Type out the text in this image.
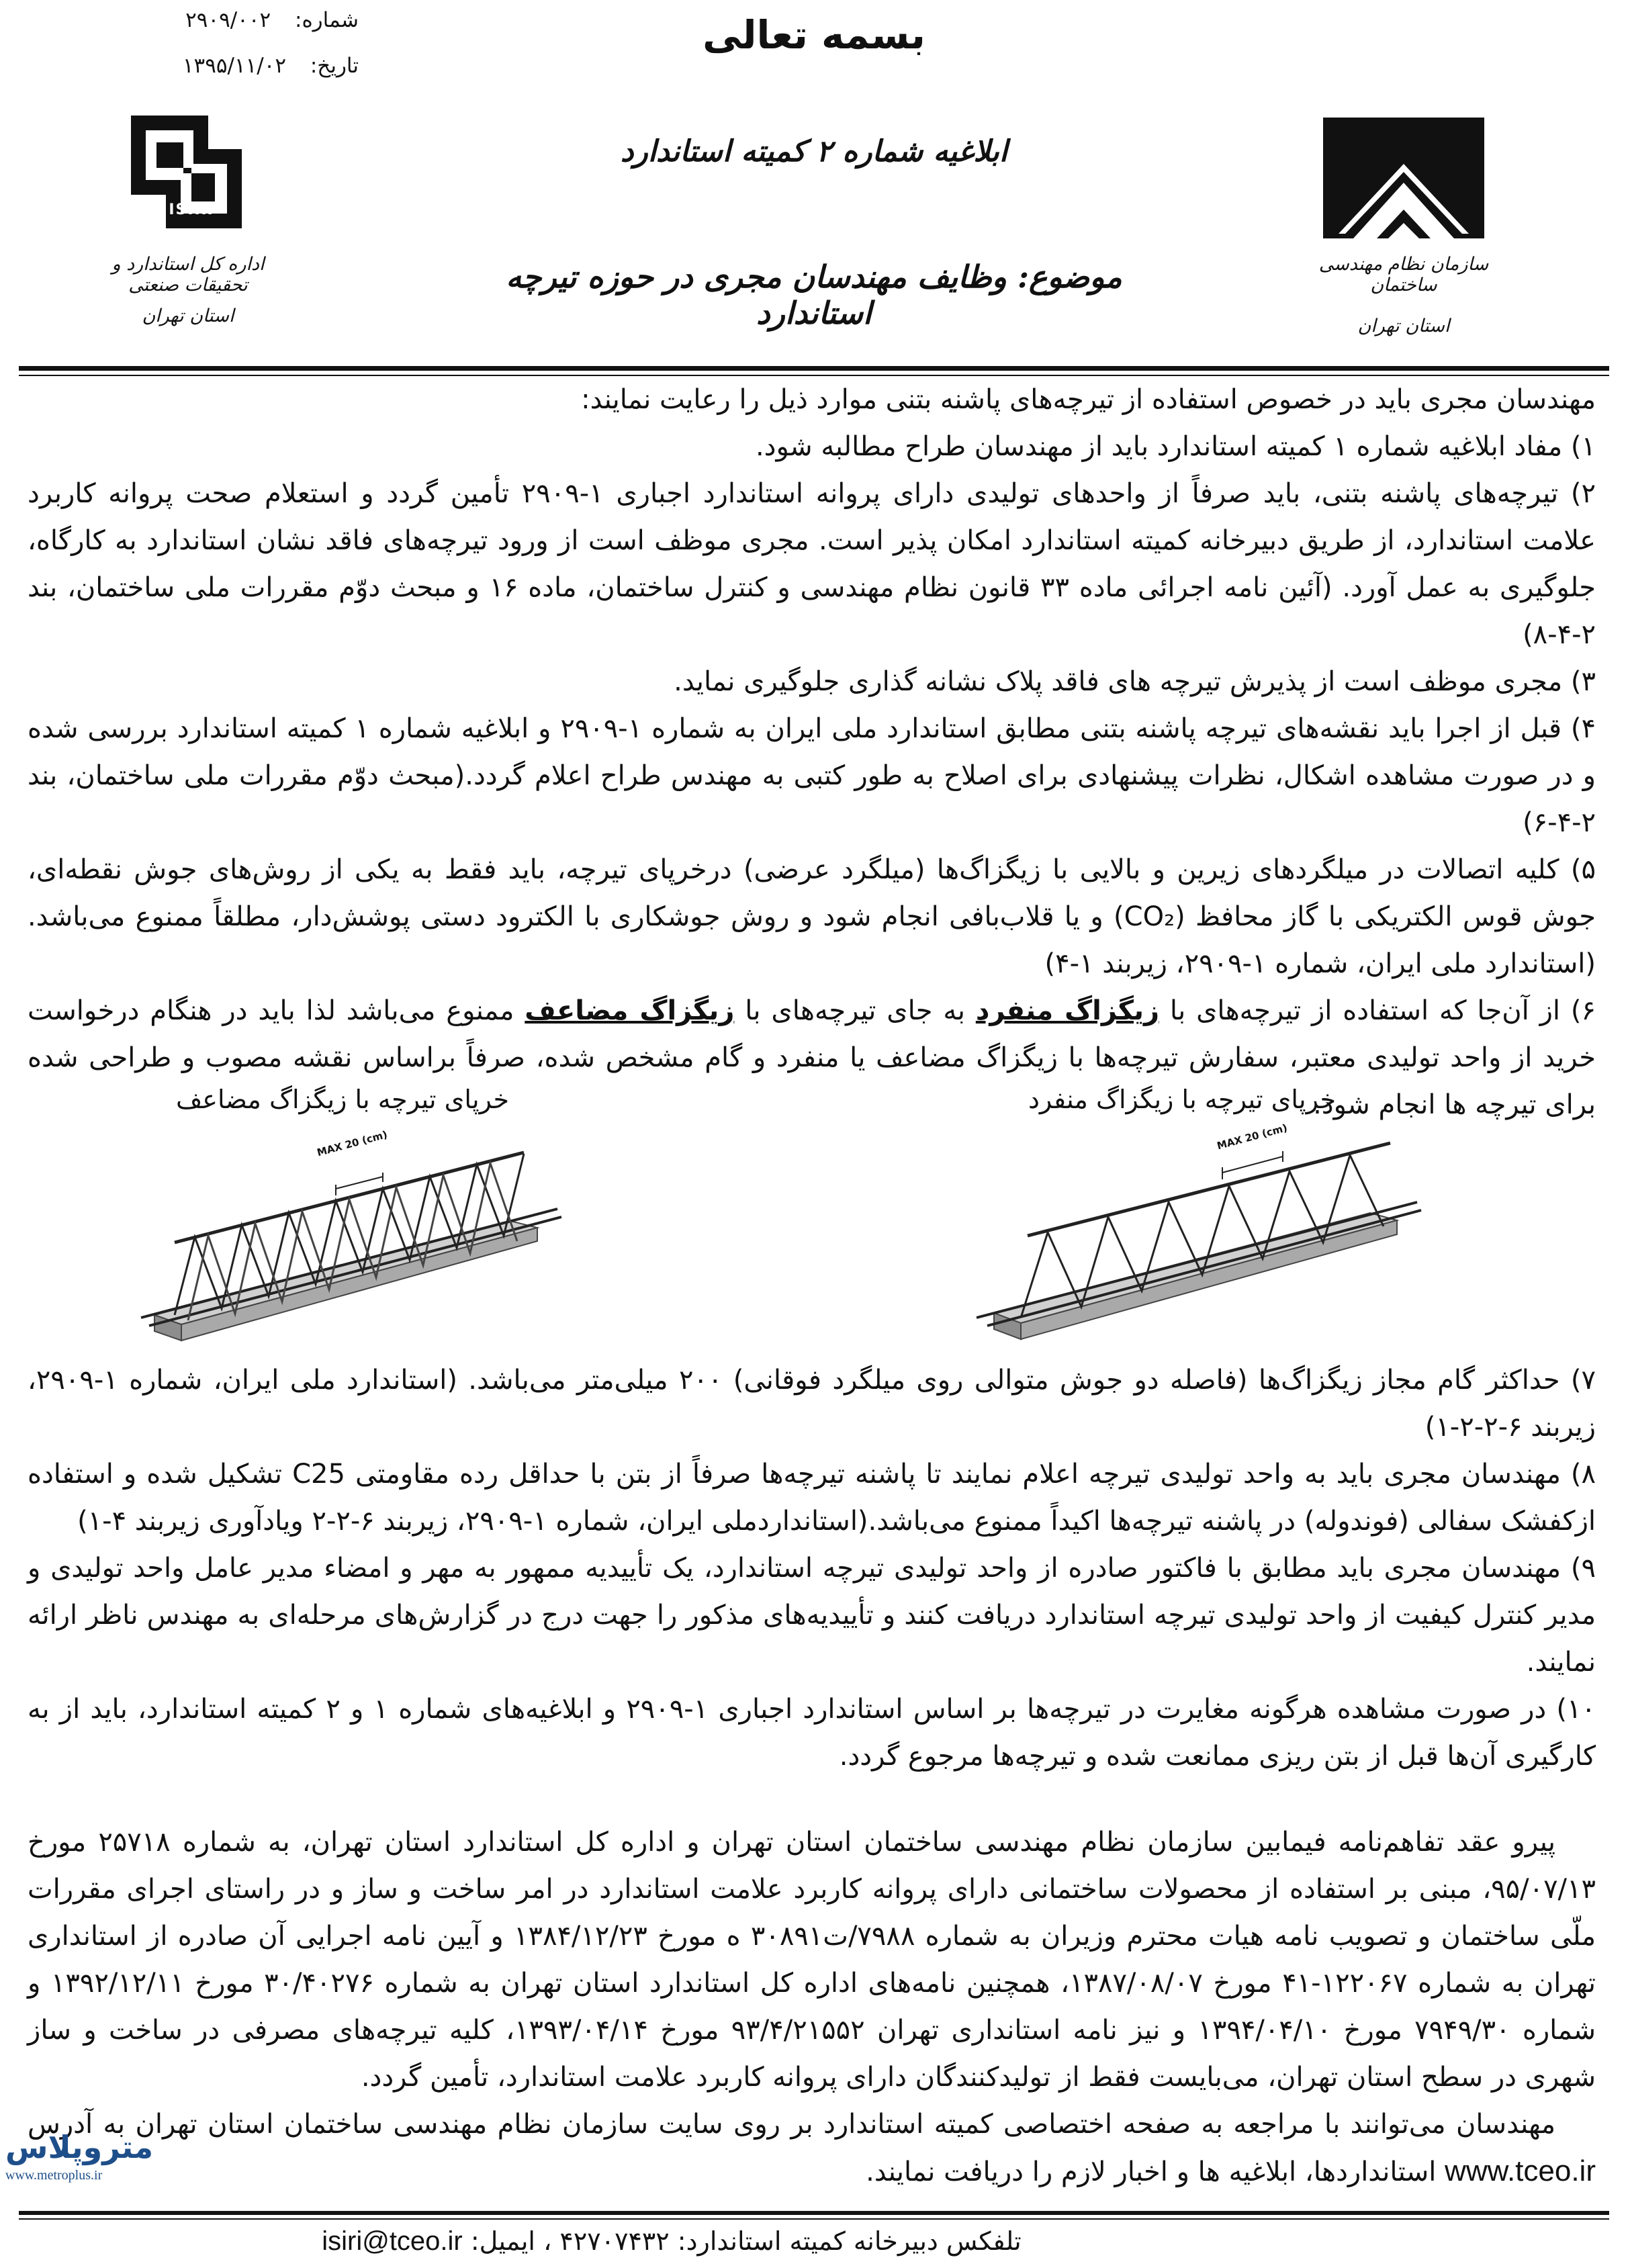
شماره: ۲۹۰۹/۰۰۲
تاریخ: ۱۳۹۵/۱۱/۰۲
بسمه تعالی
ابلاغیه شماره ۲ کمیته استاندارد
موضوع: وظایف مهندسان مجری در حوزه تیرچه استاندارد
ISIRI
اداره کل استاندارد و تحقیقات صنعتی
استان تهران
سازمان نظام مهندسی ساختمان
استان تهران

مهندسان مجری باید در خصوص استفاده از تیرچه‌های پاشنه بتنی موارد ذیل را رعایت نمایند:

۱) مفاد ابلاغیه شماره ۱ کمیته استاندارد باید از مهندسان طراح مطالبه شود.

۲) تیرچه‌های پاشنه بتنی، باید صرفاً از واحدهای تولیدی دارای پروانه استاندارد اجباری ۱-۲۹۰۹ تأمین گردد و استعلام صحت پروانه کاربرد علامت استاندارد، از طریق دبیرخانه کمیته استاندارد امکان پذیر است. مجری موظف است از ورود تیرچه‌های فاقد نشان استاندارد به کارگاه، جلوگیری به عمل آورد. (آئین نامه اجرائی ماده ۳۳ قانون نظام مهندسی و کنترل ساختمان، ماده ۱۶ و مبحث دوّم مقررات ملی ساختمان، بند ۲-۴-۸)

۳) مجری موظف است از پذیرش تیرچه های فاقد پلاک نشانه گذاری جلوگیری نماید.

۴) قبل از اجرا باید نقشه‌های تیرچه پاشنه بتنی مطابق استاندارد ملی ایران به شماره ۱-۲۹۰۹ و ابلاغیه شماره ۱ کمیته استاندارد بررسی شده و در صورت مشاهده اشکال، نظرات پیشنهادی برای اصلاح به طور کتبی به مهندس طراح اعلام گردد.(مبحث دوّم مقررات ملی ساختمان، بند ۲-۴-۶)

۵) کلیه اتصالات در میلگردهای زیرین و بالایی با زیگزاگ‌ها (میلگرد عرضی) درخرپای تیرچه، باید فقط به یکی از روش‌های جوش نقطه‌ای، جوش قوس الکتریکی با گاز محافظ (CO₂) و یا قلاب‌بافی انجام شود و روش جوشکاری با الکترود دستی پوشش‌دار، مطلقاً ممنوع می‌باشد. (استاندارد ملی ایران، شماره ۱-۲۹۰۹، زیربند ۱-۴)

۶) از آن‌جا که استفاده از تیرچه‌های با زیگزاگ منفرد به جای تیرچه‌های با زیگزاگ مضاعف ممنوع می‌باشد لذا باید در هنگام درخواست خرید از واحد تولیدی معتبر، سفارش تیرچه‌ها با زیگزاگ مضاعف یا منفرد و گام مشخص شده، صرفاً براساس نقشه مصوب و طراحی شده برای تیرچه ها انجام شود.

خرپای تیرچه با زیگزاگ منفرد
خرپای تیرچه با زیگزاگ مضاعف
MAX 20 (cm)	MAX 20 (cm)

۷) حداکثر گام مجاز زیگزاگ‌ها (فاصله دو جوش متوالی روی میلگرد فوقانی) ۲۰۰ میلی‌متر می‌باشد. (استاندارد ملی ایران، شماره ۱-۲۹۰۹، زیربند ۶-۲-۲-۱)

۸) مهندسان مجری باید به واحد تولیدی تیرچه اعلام نمایند تا پاشنه تیرچه‌ها صرفاً از بتن با حداقل رده مقاومتی C25 تشکیل شده و استفاده ازکفشک سفالی (فوندوله) در پاشنه تیرچه‌ها اکیداً ممنوع می‌باشد.(استانداردملی ایران، شماره ۱-۲۹۰۹، زیربند ۶-۲-۲ ویادآوری زیربند ۴-۱)

۹) مهندسان مجری باید مطابق با فاکتور صادره از واحد تولیدی تیرچه استاندارد، یک تأییدیه ممهور به مهر و امضاء مدیر عامل واحد تولیدی و مدیر کنترل کیفیت از واحد تولیدی تیرچه استاندارد دریافت کنند و تأییدیه‌های مذکور را جهت درج در گزارش‌های مرحله‌ای به مهندس ناظر ارائه نمایند.

۱۰) در صورت مشاهده هرگونه مغایرت در تیرچه‌ها بر اساس استاندارد اجباری ۱-۲۹۰۹ و ابلاغیه‌های شماره ۱ و ۲ کمیته استاندارد، باید از به کارگیری آن‌ها قبل از بتن ریزی ممانعت شده و تیرچه‌ها مرجوع گردد.

پیرو عقد تفاهم‌نامه فیمابین سازمان نظام مهندسی ساختمان استان تهران و اداره کل استاندارد استان تهران، به شماره ۲۵۷۱۸ مورخ ۹۵/۰۷/۱۳، مبنی بر استفاده از محصولات ساختمانی دارای پروانه کاربرد علامت استاندارد در امر ساخت و ساز و در راستای اجرای مقررات ملّی ساختمان و تصویب نامه هیات محترم وزیران به شماره ۷۹۸۸/ت۳۰۸۹۱ ه مورخ ۱۳۸۴/۱۲/۲۳ و آیین نامه اجرایی آن صادره از استانداری تهران به شماره ۱۲۲۰۶۷-۴۱ مورخ ۱۳۸۷/۰۸/۰۷، همچنین نامه‌های اداره کل استاندارد استان تهران به شماره ۳۰/۴۰۲۷۶ مورخ ۱۳۹۲/۱۲/۱۱ و شماره ۷۹۴۹/۳۰ مورخ ۱۳۹۴/۰۴/۱۰ و نیز نامه استانداری تهران ۹۳/۴/۲۱۵۵۲ مورخ ۱۳۹۳/۰۴/۱۴، کلیه تیرچه‌های مصرفی در ساخت و ساز شهری در سطح استان تهران، می‌بایست فقط از تولیدکنندگان دارای پروانه کاربرد علامت استاندارد، تأمین گردد.

مهندسان می‌توانند با مراجعه به صفحه اختصاصی کمیته استاندارد بر روی سایت سازمان نظام مهندسی ساختمان استان تهران به آدرس www.tceo.ir استانداردها، ابلاغیه ها و اخبار لازم را دریافت نمایند.

متروپلاس
www.metroplus.ir
تلفکس دبیرخانه کمیته استاندارد: ۴۲۷۰۷۴۳۲ ، ایمیل: isiri@tceo.ir
